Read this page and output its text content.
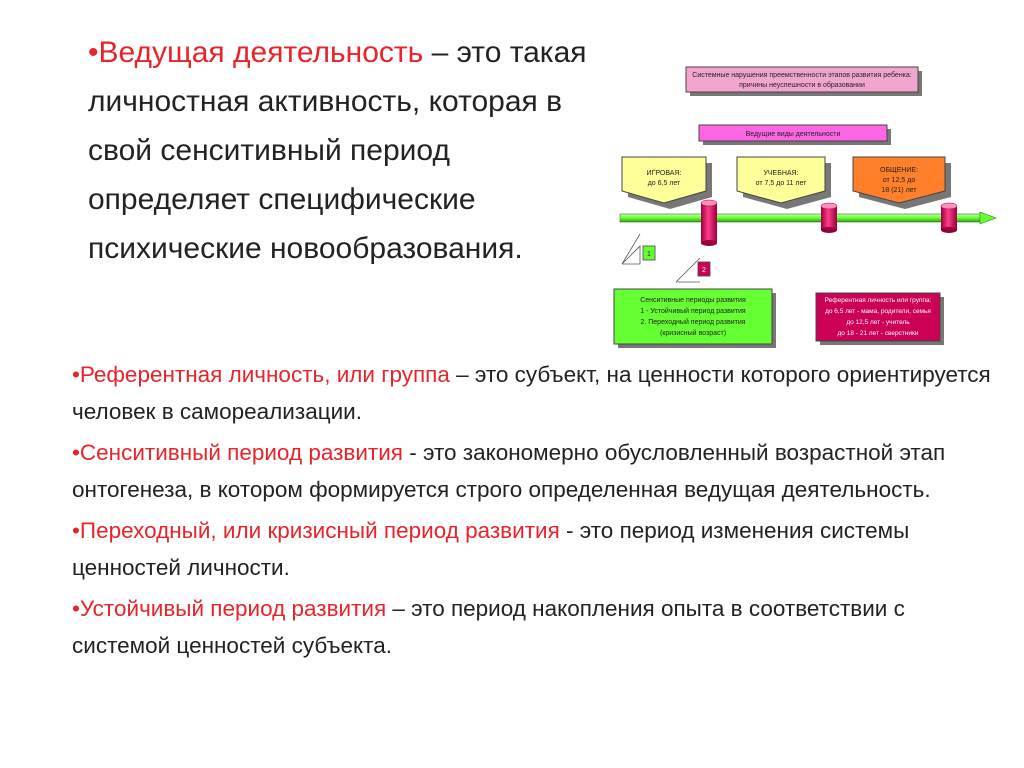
•Ведущая деятельность – это такая личностная активность, которая в свой сенситивный период определяет специфические психические новообразования.
Системные нарушения преемственности этапов развития ребенка:
причины неуспешности в образовании
Ведущие виды деятельности
ИГРОВАЯ:
до 6,5 лет
УЧЕБНАЯ:
от 7,5 до 11 лет
ОБЩЕНИЕ:
от 12,5 до
18 (21) лет
1
2
Сенситивные периоды развития
1 - Устойчивый период развития
2. Переходный период развития
(кризисный возраст)
Референтная личность или группа:
до 6,5 лет - мама, родители, семья
до 12,5 лет - учитель
до 18 - 21 лет - сверстники

•Референтная личность, или группа – это субъект, на ценности которого ориентируется человек в самореализации.

•Сенситивный период развития - это закономерно обусловленный возрастной этап онтогенеза, в котором формируется строго определенная ведущая деятельность.

•Переходный, или кризисный период развития - это период изменения системы ценностей личности.

•Устойчивый период развития – это период накопления опыта в соответствии с системой ценностей субъекта.
